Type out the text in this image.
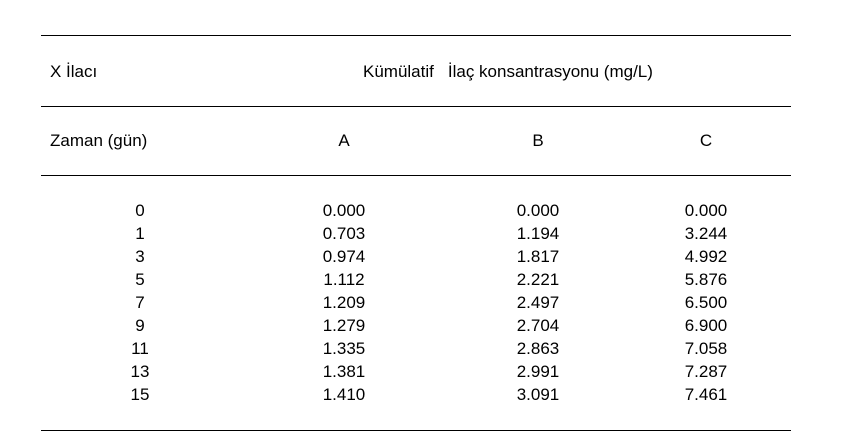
X İlacı	Kümülatif İlaç konsantrasyonu (mg/L)
Zaman (gün)	A	B	C
0	0.000	0.000	0.000
1	0.703	1.194	3.244
3	0.974	1.817	4.992
5	1.112	2.221	5.876
7	1.209	2.497	6.500
9	1.279	2.704	6.900
11	1.335	2.863	7.058
13	1.381	2.991	7.287
15	1.410	3.091	7.461
